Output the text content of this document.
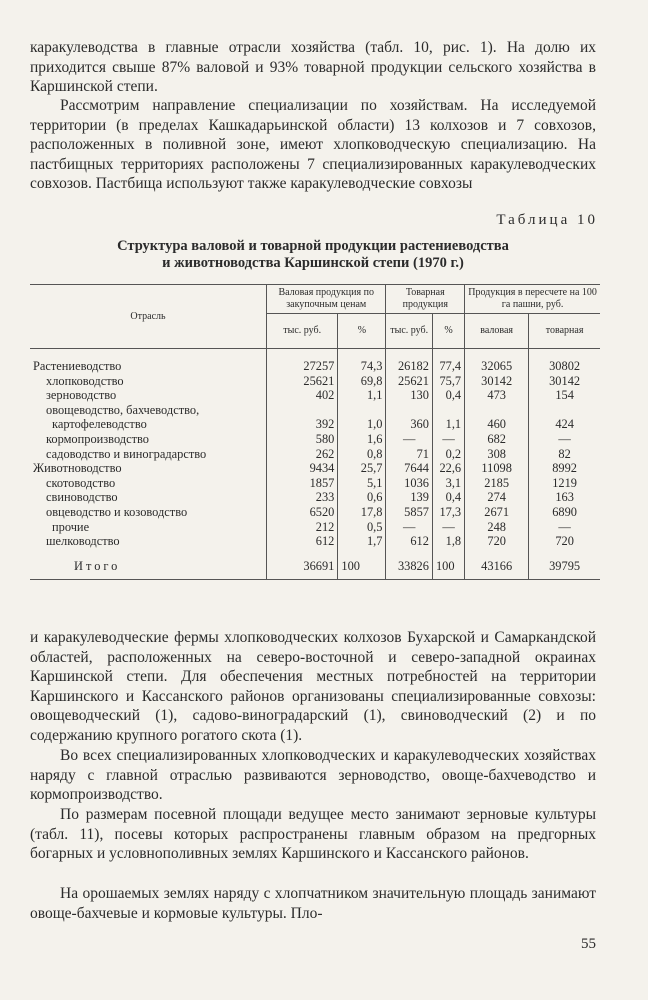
каракулеводства в главные отрасли хозяйства (табл. 10, рис. 1). На долю их приходится свыше 87% валовой и 93% товарной продукции сельского хозяйства в Каршинской степи.

Рассмотрим направление специализации по хозяйствам. На исследуемой территории (в пределах Кашкадарьинской области) 13 колхозов и 7 совхозов, расположенных в поливной зоне, имеют хлопководческую специализацию. На пастбищных территориях расположены 7 специализированных каракулеводческих совхозов. Пастбища используют также каракулеводческие совхозы

Таблица 10
Структура валовой и товарной продукции растениеводства
и животноводства Каршинской степи (1970 г.)
Отрасль	Валовая продукция по закупочным ценам		Товарная продукция		Продукция в пересчете на 100 га пашни, руб.	
	тыс. руб.	%	тыс. руб.	%	валовая	товарная

Растениеводство	27257	74,3	26182	77,4	32065	30802
хлопководство	25621	69,8	25621	75,7	30142	30142
зерноводство	402	1,1	130	0,4	473	154
овощеводство, бахчеводство,						
картофелеводство	392	1,0	360	1,1	460	424
кормопроизводство	580	1,6	—	—	682	—
садоводство и виноградарство	262	0,8	71	0,2	308	82
Животноводство	9434	25,7	7644	22,6	11098	8992
скотоводство	1857	5,1	1036	3,1	2185	1219
свиноводство	233	0,6	139	0,4	274	163
овцеводство и козоводство	6520	17,8	5857	17,3	2671	6890
прочие	212	0,5	—	—	248	—
шелководство	612	1,7	612	1,8	720	720
Итого	36691	100	33826	100	43166	39795

и каракулеводческие фермы хлопководческих колхозов Бухарской и Самаркандской областей, расположенных на северо-восточной и северо-западной окраинах Каршинской степи. Для обеспечения местных потребностей на территории Каршинского и Кассанского районов организованы специализированные совхозы: овощеводческий (1), садово-виноградарский (1), свиноводческий (2) и по содержанию крупного рогатого скота (1).

Во всех специализированных хлопководческих и каракулеводческих хозяйствах наряду с главной отраслью развиваются зерноводство, овоще-бахчеводство и кормопроизводство.

По размерам посевной площади ведущее место занимают зерновые культуры (табл. 11), посевы которых распространены главным образом на предгорных богарных и условнополивных землях Каршинского и Кассанского районов.

На орошаемых землях наряду с хлопчатником значительную площадь занимают овоще-бахчевые и кормовые культуры. Пло-

55
